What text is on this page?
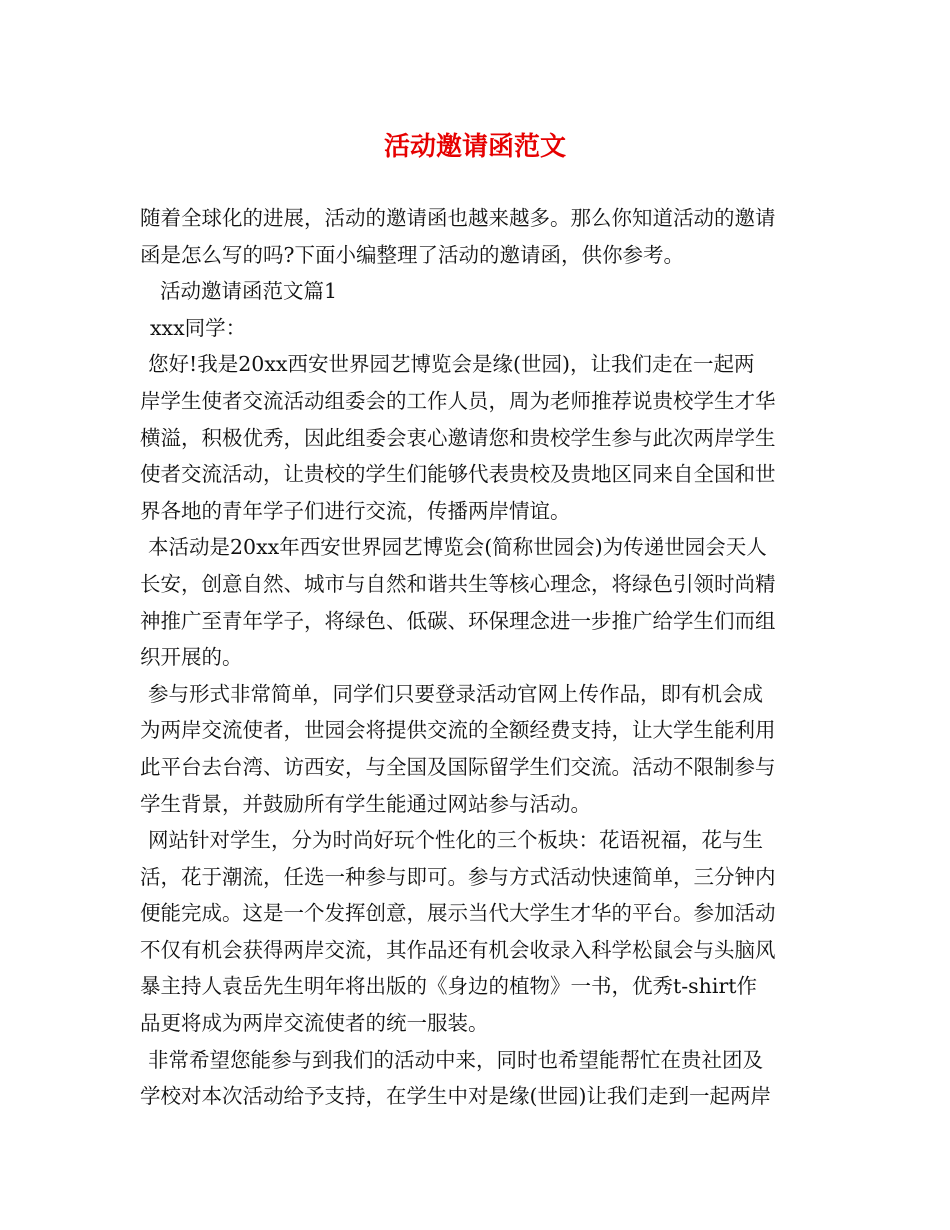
活动邀请函范文
随着全球化的进展，活动的邀请函也越来越多。那么你知道活动的邀请
函是怎么写的吗?下面小编整理了活动的邀请函，供你参考。
活动邀请函范文篇1
xxx同学：
您好!我是20xx西安世界园艺博览会是缘(世园)，让我们走在一起两
岸学生使者交流活动组委会的工作人员，周为老师推荐说贵校学生才华
横溢，积极优秀，因此组委会衷心邀请您和贵校学生参与此次两岸学生
使者交流活动，让贵校的学生们能够代表贵校及贵地区同来自全国和世
界各地的青年学子们进行交流，传播两岸情谊。
本活动是20xx年西安世界园艺博览会(简称世园会)为传递世园会天人
长安，创意自然、城市与自然和谐共生等核心理念，将绿色引领时尚精
神推广至青年学子，将绿色、低碳、环保理念进一步推广给学生们而组
织开展的。
参与形式非常简单，同学们只要登录活动官网上传作品，即有机会成
为两岸交流使者，世园会将提供交流的全额经费支持，让大学生能利用
此平台去台湾、访西安，与全国及国际留学生们交流。活动不限制参与
学生背景，并鼓励所有学生能通过网站参与活动。
网站针对学生，分为时尚好玩个性化的三个板块：花语祝福，花与生
活，花于潮流，任选一种参与即可。参与方式活动快速简单，三分钟内
便能完成。这是一个发挥创意，展示当代大学生才华的平台。参加活动
不仅有机会获得两岸交流，其作品还有机会收录入科学松鼠会与头脑风
暴主持人袁岳先生明年将出版的《身边的植物》一书，优秀t-shirt作
品更将成为两岸交流使者的统一服装。
非常希望您能参与到我们的活动中来，同时也希望能帮忙在贵社团及
学校对本次活动给予支持，在学生中对是缘(世园)让我们走到一起两岸
